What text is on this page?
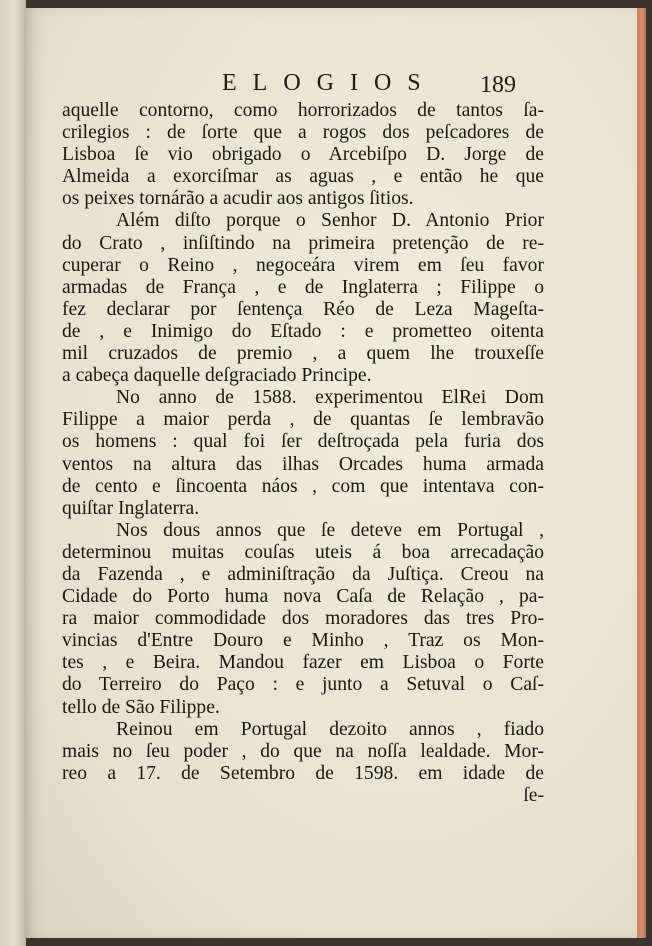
ELOGIOS 189
aquelle contorno, como horrorizados de tantos ſa-
crilegios : de ſorte que a rogos dos peſcadores de
Lisboa ſe vio obrigado o Arcebiſpo D. Jorge de
Almeida a exorciſmar as aguas , e então he que
os peixes tornárão a acudir aos antigos ſitios.
Além diſto porque o Senhor D. Antonio Prior
do Crato , inſiſtindo na primeira pretenção de re-
cuperar o Reino , negoceára virem em ſeu favor
armadas de França , e de Inglaterra ; Filippe o
fez declarar por ſentença Réo de Leza Mageſta-
de , e Inimigo do Eſtado : e prometteo oitenta
mil cruzados de premio , a quem lhe trouxeſſe
a cabeça daquelle deſgraciado Principe.
No anno de 1588. experimentou ElRei Dom
Filippe a maior perda , de quantas ſe lembravão
os homens : qual foi ſer deſtroçada pela furia dos
ventos na altura das ilhas Orcades huma armada
de cento e ſincoenta náos , com que intentava con-
quiſtar Inglaterra.
Nos dous annos que ſe deteve em Portugal ,
determinou muitas couſas uteis á boa arrecadação
da Fazenda , e adminiſtração da Juſtiça. Creou na
Cidade do Porto huma nova Caſa de Relação , pa-
ra maior commodidade dos moradores das tres Pro-
vincias d'Entre Douro e Minho , Traz os Mon-
tes , e Beira. Mandou fazer em Lisboa o Forte
do Terreiro do Paço : e junto a Setuval o Caſ-
tello de São Filippe.
Reinou em Portugal dezoito annos , fiado
mais no ſeu poder , do que na noſſa lealdade. Mor-
reo a 17. de Setembro de 1598. em idade de
ſe-
